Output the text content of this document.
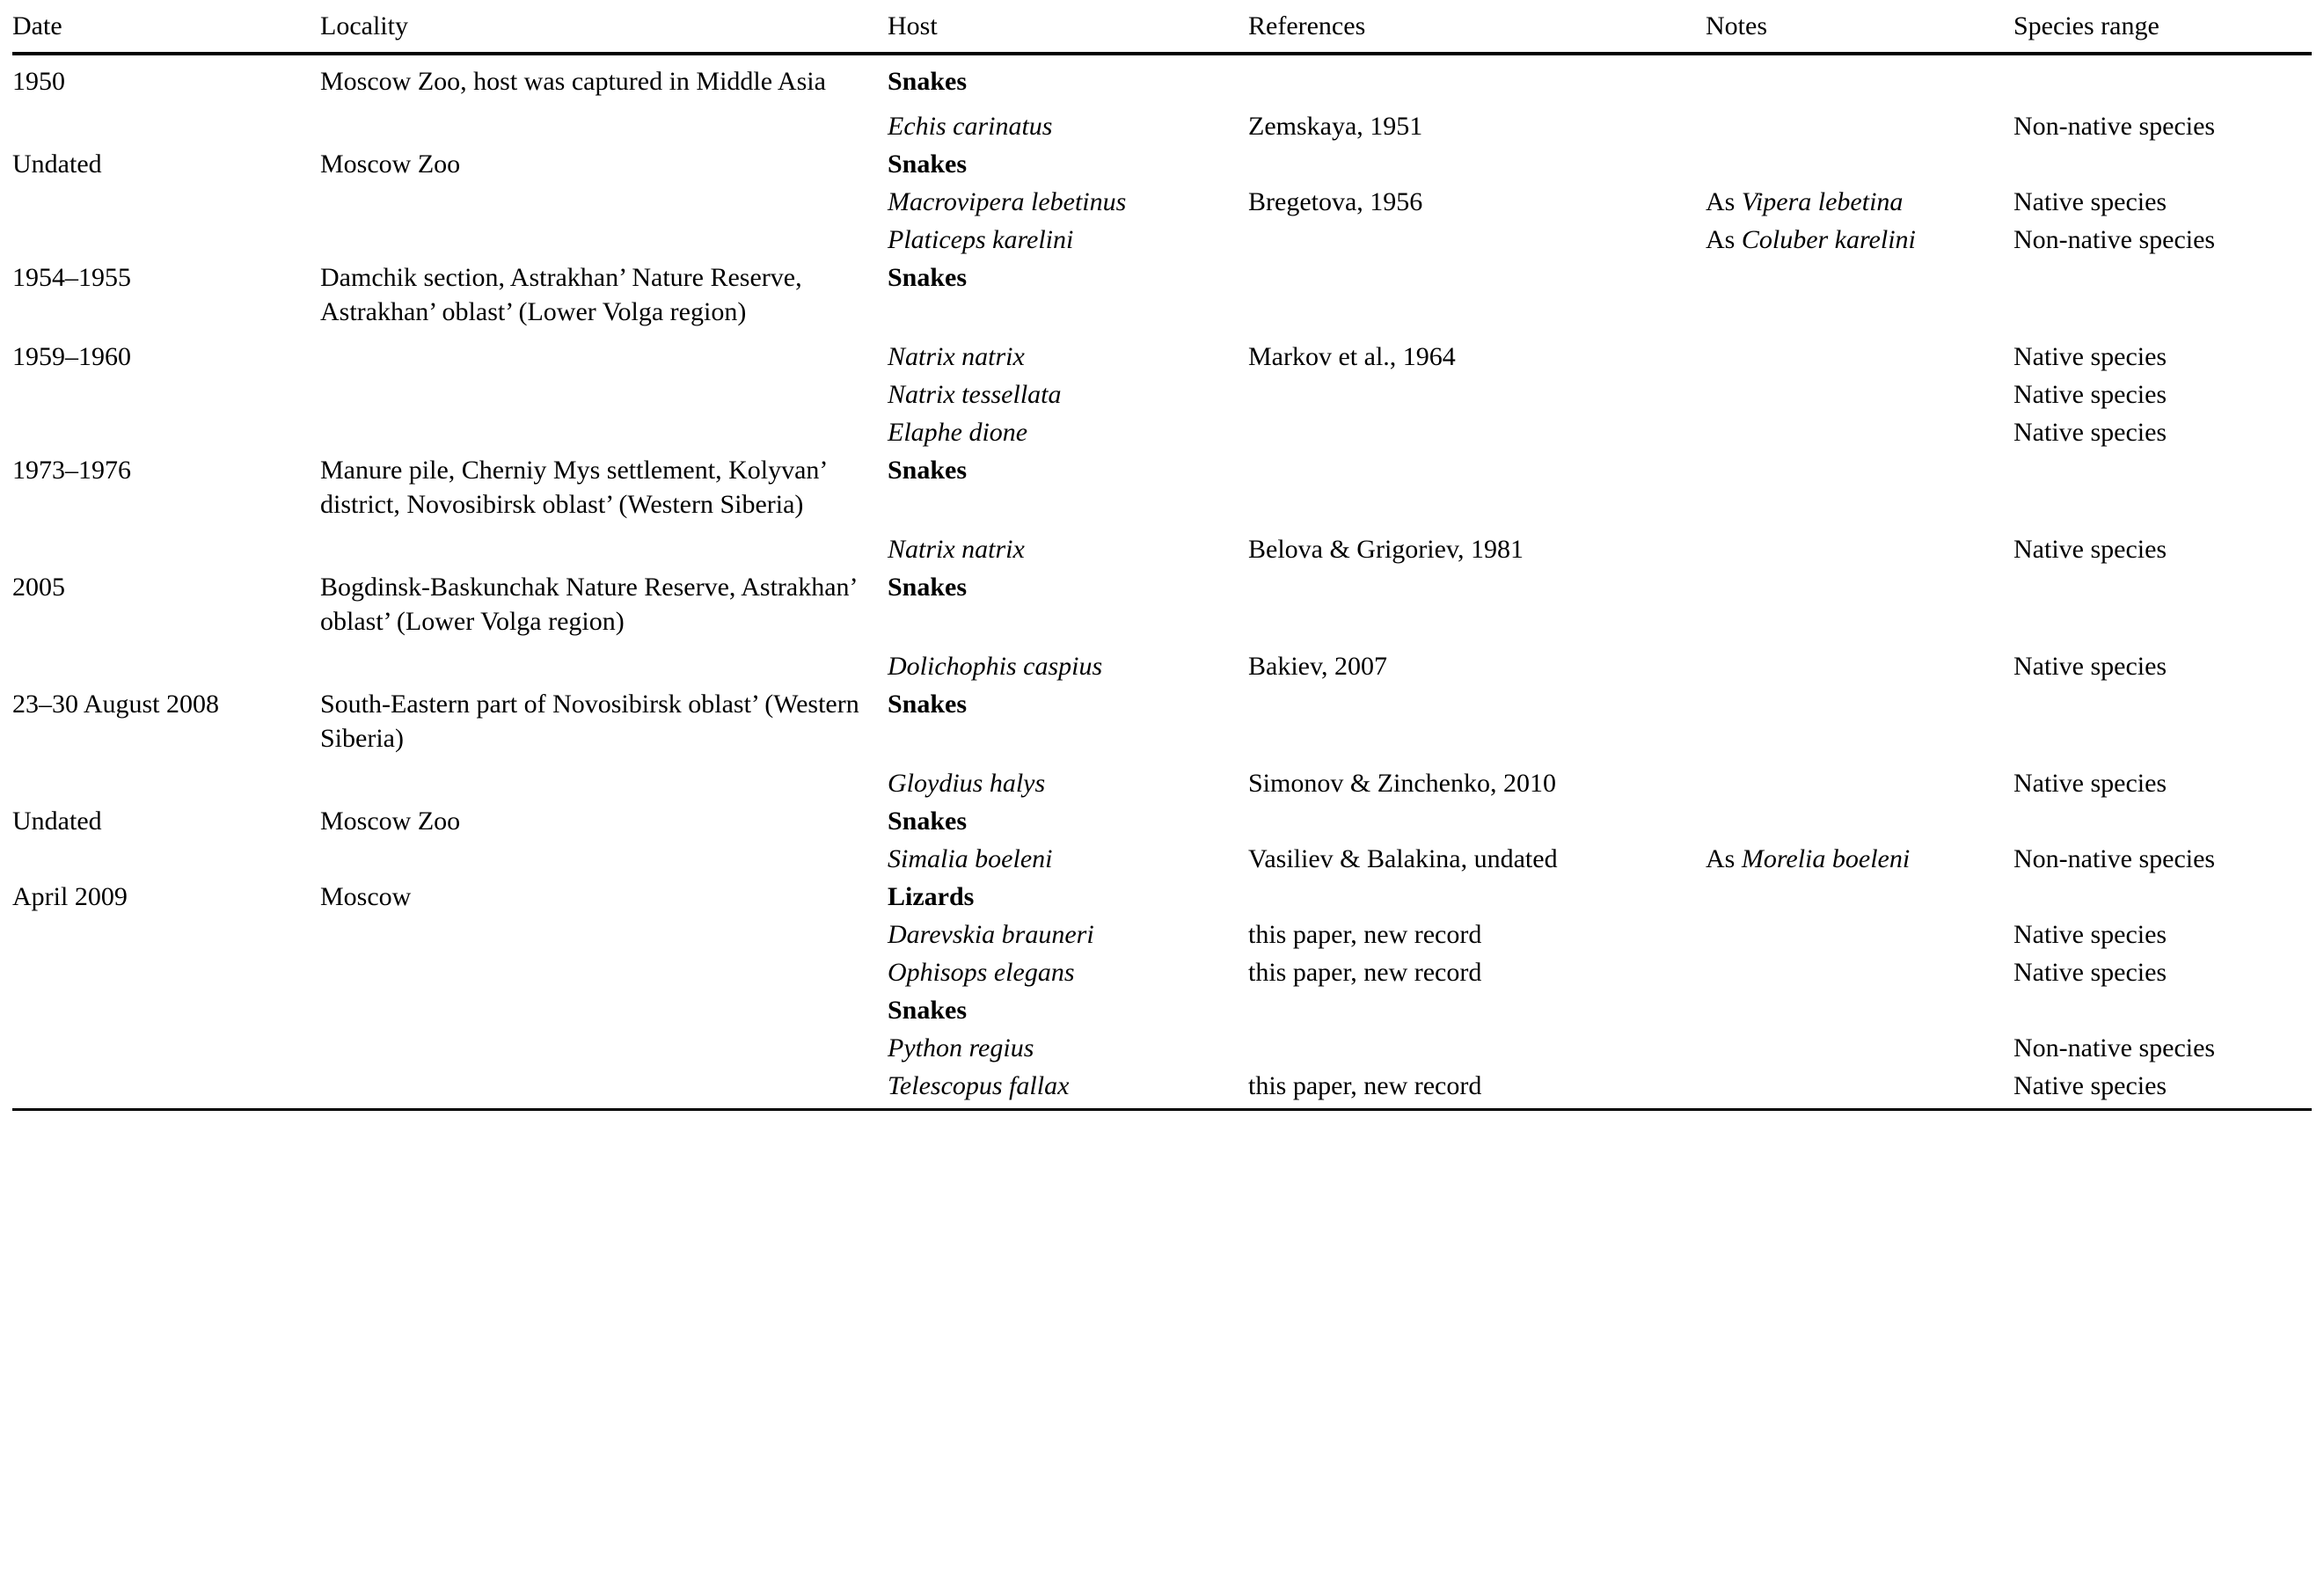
Date	Locality	Host	References	Notes	Species range
1950	Moscow Zoo, host was captured in Middle Asia	Snakes			
		Echis carinatus	Zemskaya, 1951		Non-native species
Undated	Moscow Zoo	Snakes			
		Macrovipera lebetinus	Bregetova, 1956	As Vipera lebetina	Native species
		Platiceps karelini		As Coluber karelini	Non-native species
1954–1955	Damchik section, Astrakhan’ Nature Reserve, Astrakhan’ oblast’ (Lower Volga region)	Snakes			
1959–1960		Natrix natrix	Markov et al., 1964		Native species
		Natrix tessellata			Native species
		Elaphe dione			Native species
1973–1976	Manure pile, Cherniy Mys settlement, Kolyvan’ district, Novosibirsk oblast’ (Western Siberia)	Snakes			
		Natrix natrix	Belova & Grigoriev, 1981		Native species
2005	Bogdinsk-Baskunchak Nature Reserve, Astrakhan’ oblast’ (Lower Volga region)	Snakes			
		Dolichophis caspius	Bakiev, 2007		Native species
23–30 August 2008	South-Eastern part of Novosibirsk oblast’ (Western Siberia)	Snakes			
		Gloydius halys	Simonov & Zinchenko, 2010		Native species
Undated	Moscow Zoo	Snakes			
		Simalia boeleni	Vasiliev & Balakina, undated	As Morelia boeleni	Non-native species
April 2009	Moscow	Lizards			
		Darevskia brauneri	this paper, new record		Native species
		Ophisops elegans	this paper, new record		Native species
		Snakes			
		Python regius			Non-native species
		Telescopus fallax	this paper, new record		Native species
